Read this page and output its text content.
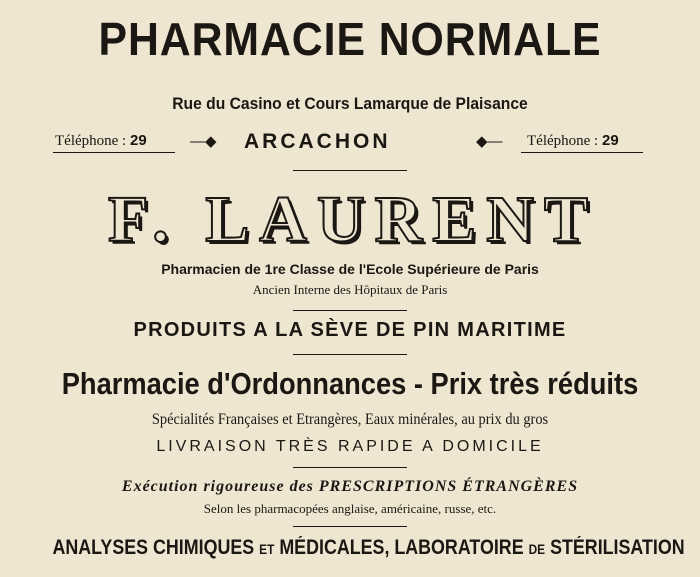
PHARMACIE NORMALE
Rue du Casino et Cours Lamarque de Plaisance
Téléphone : 29	—◆ ARCACHON	◆— Téléphone : 29
F. LAURENT
Pharmacien de 1re Classe de l'Ecole Supérieure de Paris
Ancien Interne des Hôpitaux de Paris
PRODUITS A LA SÈVE DE PIN MARITIME
Pharmacie d'Ordonnances - Prix très réduits
Spécialités Françaises et Etrangères, Eaux minérales, au prix du gros
LIVRAISON TRÈS RAPIDE A DOMICILE
Exécution rigoureuse des PRESCRIPTIONS ÉTRANGÈRES
Selon les pharmacopées anglaise, américaine, russe, etc.
ANALYSES CHIMIQUES ET MÉDICALES, LABORATOIRE DE STÉRILISATION
